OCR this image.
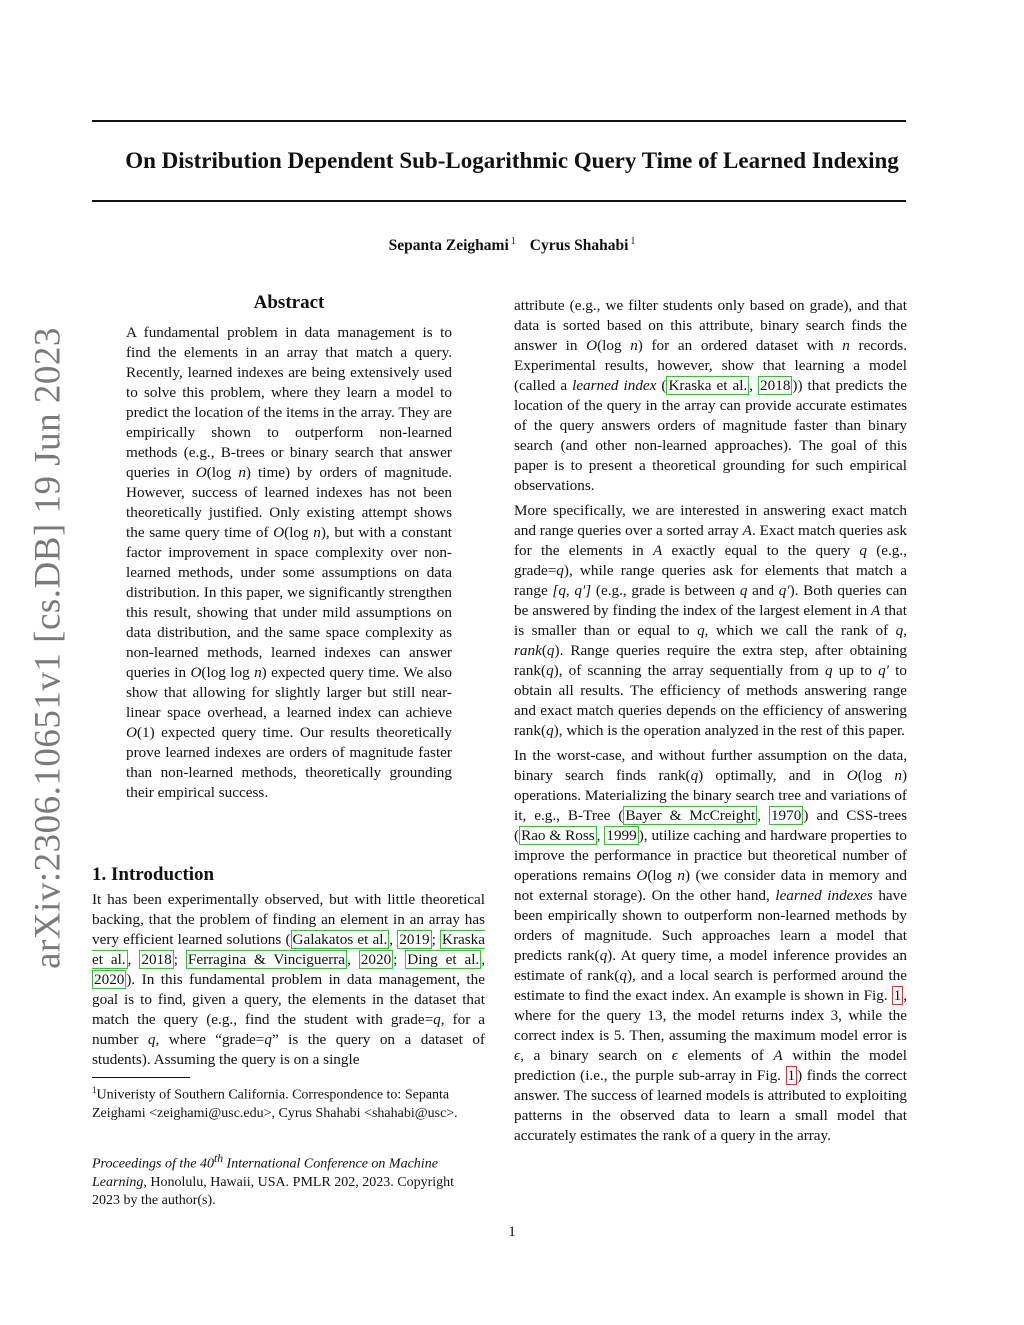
On Distribution Dependent Sub-Logarithmic Query Time of Learned Indexing
Sepanta Zeighami $^1$ Cyrus Shahabi $^1$
arXiv:2306.10651v1 [cs.DB] 19 Jun 2023
Abstract

A fundamental problem in data management is to find the elements in an array that match a query. Recently, learned indexes are being extensively used to solve this problem, where they learn a model to predict the location of the items in the array. They are empirically shown to outperform non-learned methods (e.g., B-trees or binary search that answer queries in O(log n) time) by orders of magnitude. However, success of learned indexes has not been theoretically justified. Only existing attempt shows the same query time of O(log n), but with a constant factor improvement in space complexity over non-learned methods, under some assumptions on data distribution. In this paper, we significantly strengthen this result, showing that under mild assumptions on data distribution, and the same space complexity as non-learned methods, learned indexes can answer queries in O(log log n) expected query time. We also show that allowing for slightly larger but still near-linear space overhead, a learned index can achieve O(1) expected query time. Our results theoretically prove learned indexes are orders of magnitude faster than non-learned methods, theoretically grounding their empirical success.

1. Introduction

It has been experimentally observed, but with little theoretical backing, that the problem of finding an element in an array has very efficient learned solutions ( Galakatos et al. , 2019 ; Kraska et al. , 2018 ; Ferragina & Vinciguerra , 2020 ; Ding et al. , 2020 ). In this fundamental problem in data management, the goal is to find, given a query, the elements in the dataset that match the query (e.g., find the student with grade=q, for a number q, where “grade=q” is the query on a dataset of students). Assuming the query is on a single

$^1$Univeristy of Southern California. Correspondence to: Sepanta Zeighami <zeighami@usc.edu>, Cyrus Shahabi <shahabi@usc>.
Proceedings of the 40th International Conference on Machine Learning, Honolulu, Hawaii, USA. PMLR 202, 2023. Copyright 2023 by the author(s).

attribute (e.g., we filter students only based on grade), and that data is sorted based on this attribute, binary search finds the answer in O(log n) for an ordered dataset with n records. Experimental results, however, show that learning a model (called a learned index ( Kraska et al. , 2018 )) that predicts the location of the query in the array can provide accurate estimates of the query answers orders of magnitude faster than binary search (and other non-learned approaches). The goal of this paper is to present a theoretical grounding for such empirical observations.

More specifically, we are interested in answering exact match and range queries over a sorted array A. Exact match queries ask for the elements in A exactly equal to the query q (e.g., grade=q), while range queries ask for elements that match a range [q, q′] (e.g., grade is between q and q′). Both queries can be answered by finding the index of the largest element in A that is smaller than or equal to q, which we call the rank of q, rank(q). Range queries require the extra step, after obtaining rank(q), of scanning the array sequentially from q up to q′ to obtain all results. The efficiency of methods answering range and exact match queries depends on the efficiency of answering rank(q), which is the operation analyzed in the rest of this paper.

In the worst-case, and without further assumption on the data, binary search finds rank(q) optimally, and in O(log n) operations. Materializing the binary search tree and variations of it, e.g., B-Tree ( Bayer & McCreight , 1970 ) and CSS-trees ( Rao & Ross , 1999 ), utilize caching and hardware properties to improve the performance in practice but theoretical number of operations remains O(log n) (we consider data in memory and not external storage). On the other hand, learned indexes have been empirically shown to outperform non-learned methods by orders of magnitude. Such approaches learn a model that predicts rank(q). At query time, a model inference provides an estimate of rank(q), and a local search is performed around the estimate to find the exact index. An example is shown in Fig. 1 , where for the query 13, the model returns index 3, while the correct index is 5. Then, assuming the maximum model error is ϵ, a binary search on ϵ elements of A within the model prediction (i.e., the purple sub-array in Fig. 1 ) finds the correct answer. The success of learned models is attributed to exploiting patterns in the observed data to learn a small model that accurately estimates the rank of a query in the array.

1
